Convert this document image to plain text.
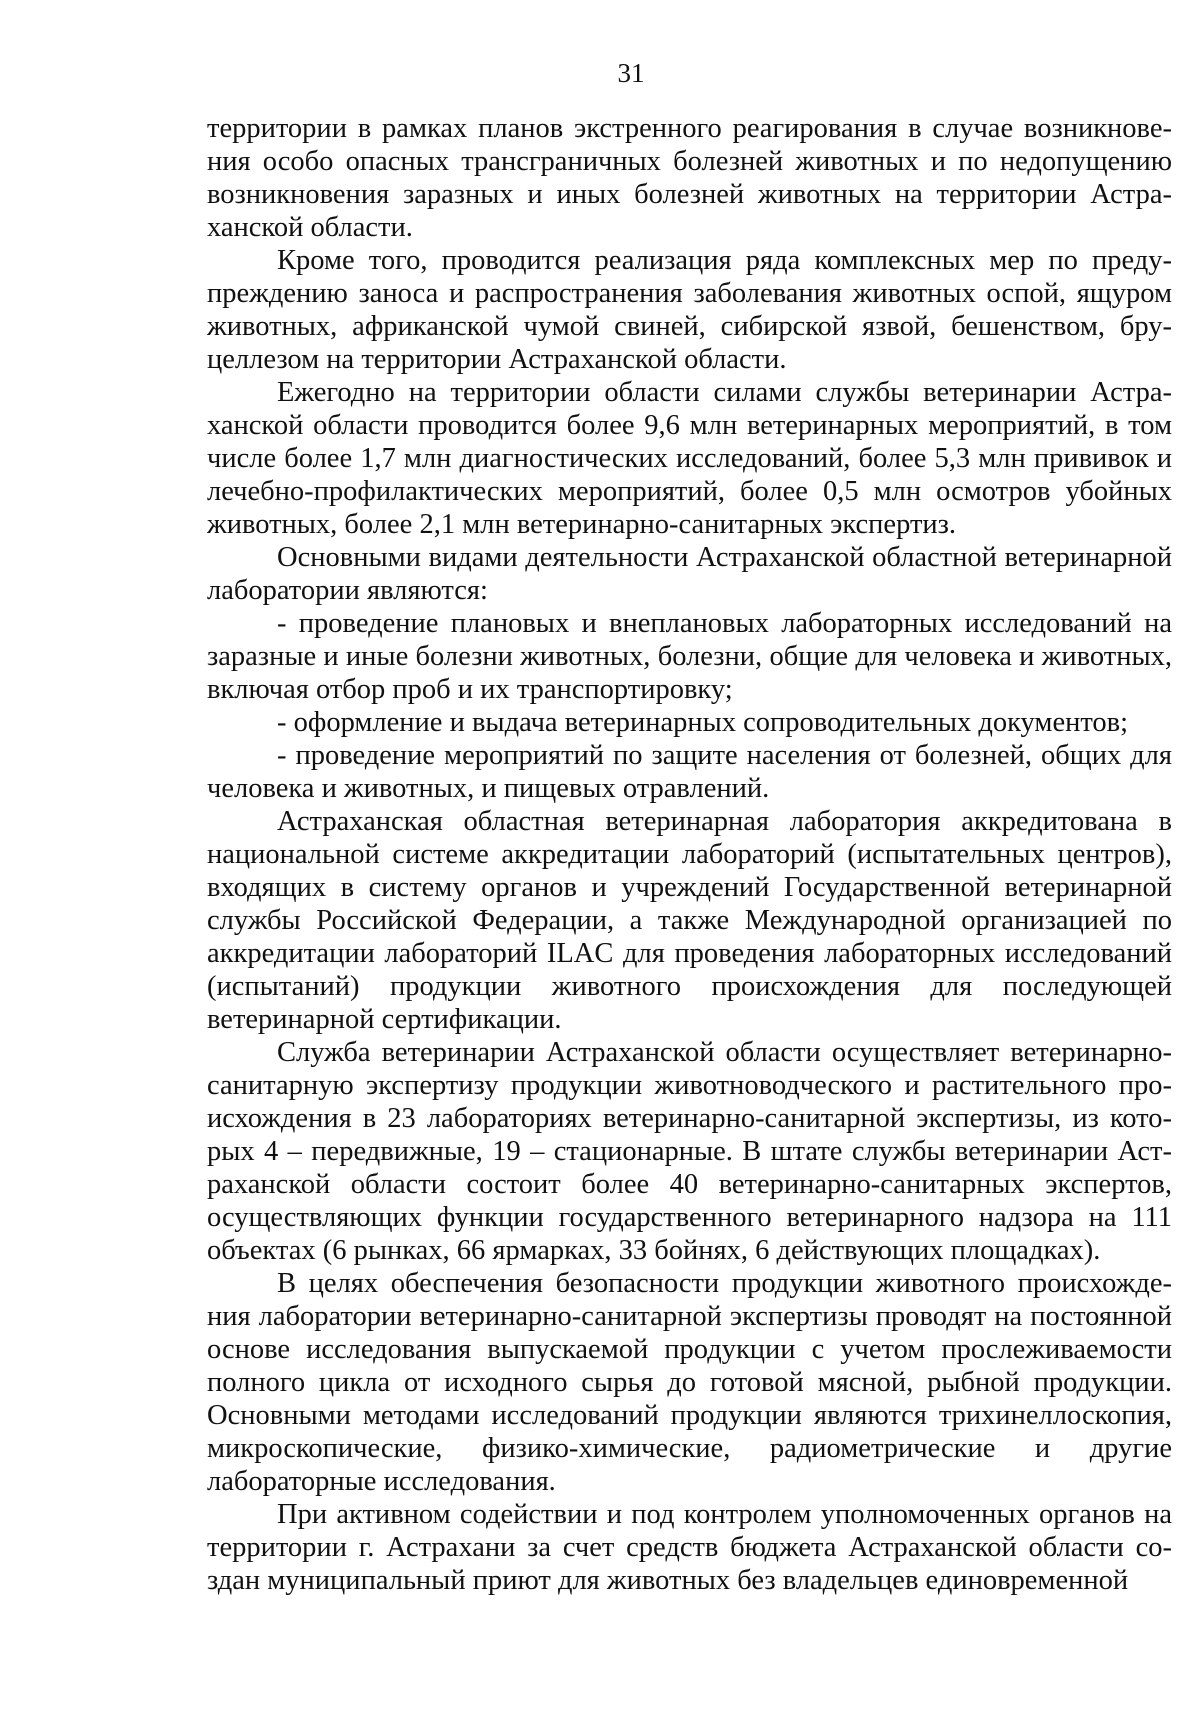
31

территории в рамках планов экстренного реагирования в случае возникновения особо опасных трансграничных болезней животных и по недопущению возникновения заразных и иных болезней животных на территории Астраханской области.

Кроме того, проводится реализация ряда комплексных мер по предупреждению заноса и распространения заболевания животных оспой, ящуром животных, африканской чумой свиней, сибирской язвой, бешенством, бруцеллезом на территории Астраханской области.

Ежегодно на территории области силами службы ветеринарии Астраханской области проводится более 9,6 млн ветеринарных мероприятий, в том числе более 1,7 млн диагностических исследований, более 5,3 млн прививок и лечебно-профилактических мероприятий, более 0,5 млн осмотров убойных животных, более 2,1 млн ветеринарно-санитарных экспертиз.

Основными видами деятельности Астраханской областной ветеринарной лаборатории являются:

- проведение плановых и внеплановых лабораторных исследований на заразные и иные болезни животных, болезни, общие для человека и животных, включая отбор проб и их транспортировку;

- оформление и выдача ветеринарных сопроводительных документов;

- проведение мероприятий по защите населения от болезней, общих для человека и животных, и пищевых отравлений.

Астраханская областная ветеринарная лаборатория аккредитована в национальной системе аккредитации лабораторий (испытательных центров), входящих в систему органов и учреждений Государственной ветеринарной службы Российской Федерации, а также Международной организацией по аккредитации лабораторий ILAC для проведения лабораторных исследований (испытаний) продукции животного происхождения для последующей ветеринарной сертификации.

Служба ветеринарии Астраханской области осуществляет ветеринарно-санитарную экспертизу продукции животноводческого и растительного происхождения в 23 лабораториях ветеринарно-санитарной экспертизы, из которых 4 – передвижные, 19 – стационарные. В штате службы ветеринарии Астраханской области состоит более 40 ветеринарно-санитарных экспертов, осуществляющих функции государственного ветеринарного надзора на 111 объектах (6 рынках, 66 ярмарках, 33 бойнях, 6 действующих площадках).

В целях обеспечения безопасности продукции животного происхождения лаборатории ветеринарно-санитарной экспертизы проводят на постоянной основе исследования выпускаемой продукции с учетом прослеживаемости полного цикла от исходного сырья до готовой мясной, рыбной продукции. Основными методами исследований продукции являются трихинеллоскопия, микроскопические, физико-химические, радиометрические и другие лабораторные исследования.

При активном содействии и под контролем уполномоченных органов на территории г. Астрахани за счет средств бюджета Астраханской области создан муниципальный приют для животных без владельцев единовременной
